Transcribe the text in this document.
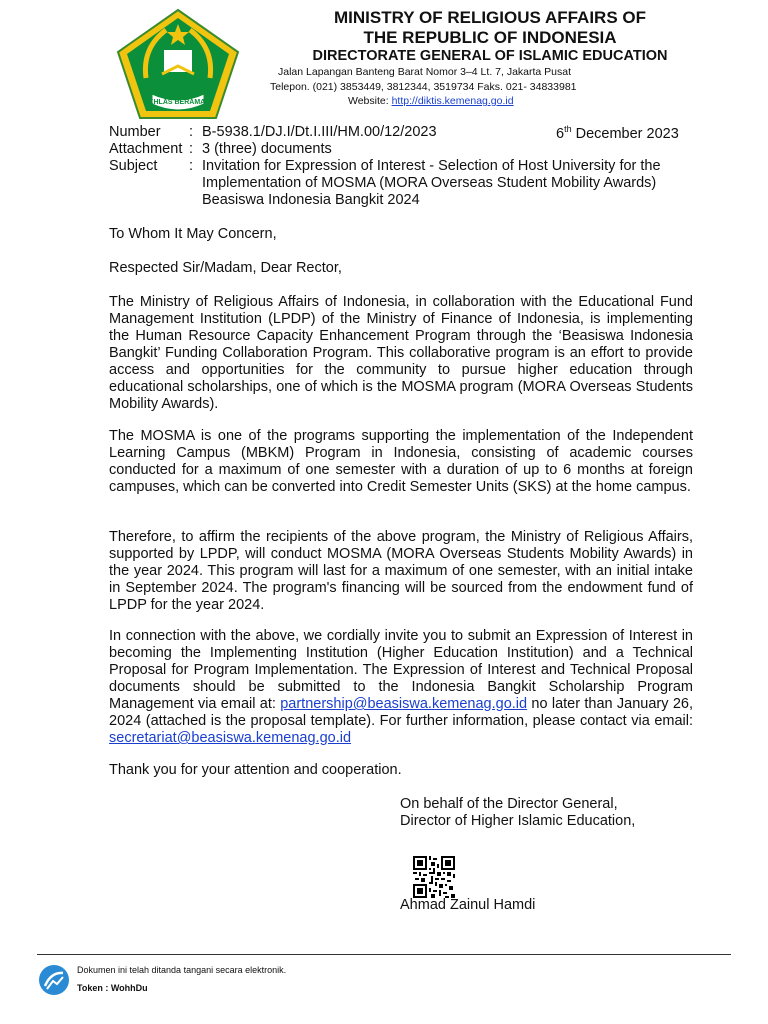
IKHLAS BERAMAL
MINISTRY OF RELIGIOUS AFFAIRS OF
THE REPUBLIC OF INDONESIA
DIRECTORATE GENERAL OF ISLAMIC EDUCATION
Jalan Lapangan Banteng Barat Nomor 3–4 Lt. 7, Jakarta Pusat
Telepon. (021) 3853449, 3812344, 3519734 Faks. 021- 34833981
Website: http://diktis.kemenag.go.id
Number	:	B-5938.1/DJ.I/Dt.I.III/HM.00/12/2023
Attachment	:	3 (three) documents
Subject	:	Invitation for Expression of Interest - Selection of Host University for the
Implementation of MOSMA (MORA Overseas Student Mobility Awards)
Beasiswa Indonesia Bangkit 2024
6th December 2023
To Whom It May Concern,
Respected Sir/Madam, Dear Rector,
The Ministry of Religious Affairs of Indonesia, in collaboration with the Educational Fund Management Institution (LPDP) of the Ministry of Finance of Indonesia, is implementing the Human Resource Capacity Enhancement Program through the ‘Beasiswa Indonesia Bangkit’ Funding Collaboration Program. This collaborative program is an effort to provide access and opportunities for the community to pursue higher education through educational scholarships, one of which is the MOSMA program (MORA Overseas Students Mobility Awards).
The MOSMA is one of the programs supporting the implementation of the Independent Learning Campus (MBKM) Program in Indonesia, consisting of academic courses conducted for a maximum of one semester with a duration of up to 6 months at foreign campuses, which can be converted into Credit Semester Units (SKS) at the home campus.
Therefore, to affirm the recipients of the above program, the Ministry of Religious Affairs, supported by LPDP, will conduct MOSMA (MORA Overseas Students Mobility Awards) in the year 2024. This program will last for a maximum of one semester, with an initial intake in September 2024. The program's financing will be sourced from the endowment fund of LPDP for the year 2024.
In connection with the above, we cordially invite you to submit an Expression of Interest in becoming the Implementing Institution (Higher Education Institution) and a Technical Proposal for Program Implementation. The Expression of Interest and Technical Proposal documents should be submitted to the Indonesia Bangkit Scholarship Program Management via email at: partnership@beasiswa.kemenag.go.id no later than January 26, 2024 (attached is the proposal template). For further information, please contact via email: secretariat@beasiswa.kemenag.go.id
Thank you for your attention and cooperation.
On behalf of the Director General,
Director of Higher Islamic Education,
Ahmad Zainul Hamdi
Dokumen ini telah ditanda tangani secara elektronik.
Token : WohhDu
